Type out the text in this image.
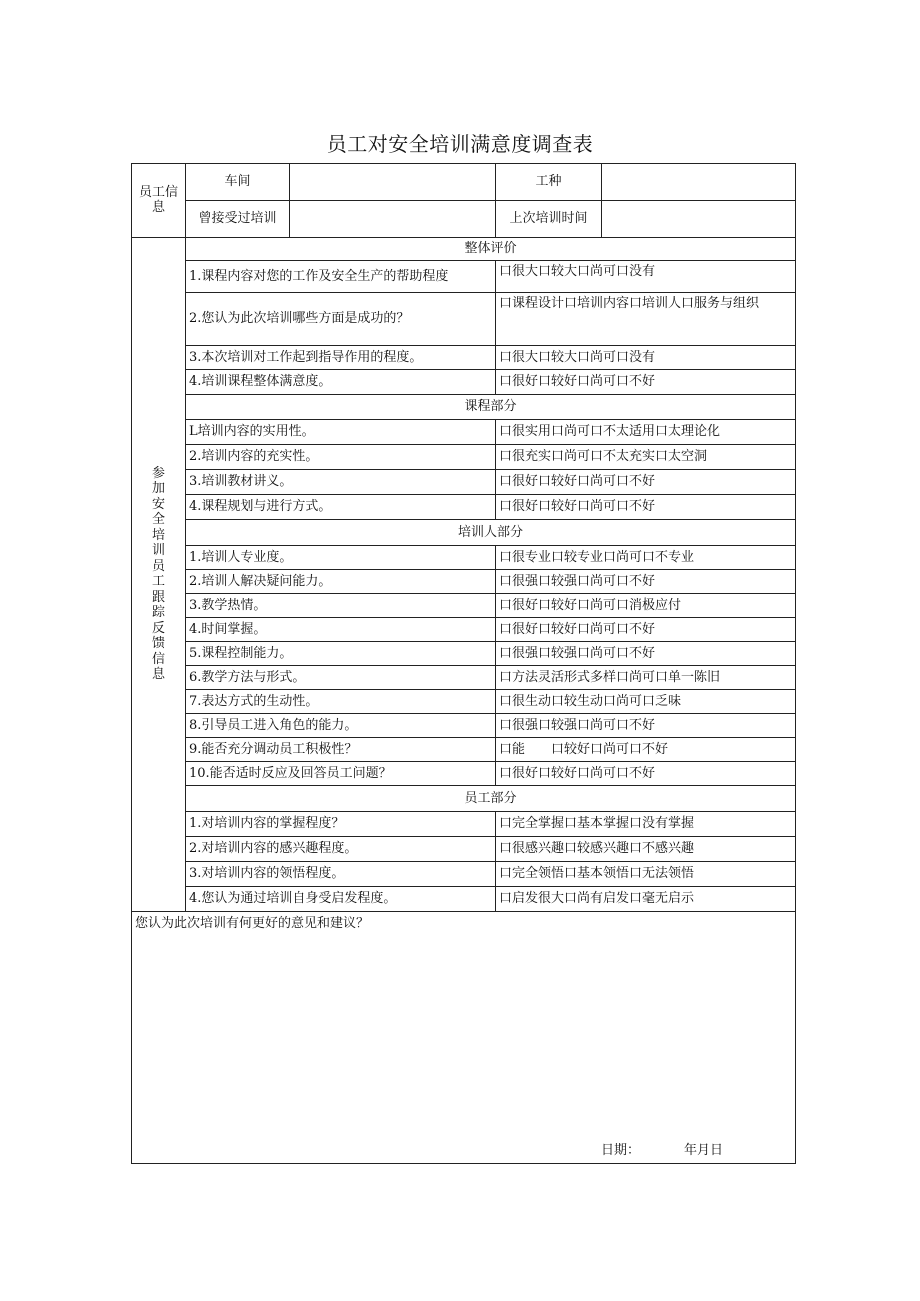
员工对安全培训满意度调查表
员工信息	车间		工种	
	曾接受过培训		上次培训时间	
参加安全培训员工跟踪反馈信息	整体评价			
	1.课程内容对您的工作及安全生产的帮助程度		口很大口较大口尚可口没有	
	2.您认为此次培训哪些方面是成功的？		口课程设计口培训内容口培训人口服务与组织	
	3.本次培训对工作起到指导作用的程度。		口很大口较大口尚可口没有	
	4.培训课程整体满意度。		口很好口较好口尚可口不好	
	课程部分			
	L培训内容的实用性。		口很实用口尚可口不太适用口太理论化	
	2.培训内容的充实性。		口很充实口尚可口不太充实口太空洞	
	3.培训教材讲义。		口很好口较好口尚可口不好	
	4.课程规划与进行方式。		口很好口较好口尚可口不好	
	培训人部分			
	1.培训人专业度。		口很专业口较专业口尚可口不专业	
	2.培训人解决疑问能力。		口很强口较强口尚可口不好	
	3.教学热情。		口很好口较好口尚可口消极应付	
	4.时间掌握。		口很好口较好口尚可口不好	
	5.课程控制能力。		口很强口较强口尚可口不好	
	6.教学方法与形式。		口方法灵活形式多样口尚可口单一陈旧	
	7.表达方式的生动性。		口很生动口较生动口尚可口乏味	
	8.引导员工进入角色的能力。		口很强口较强口尚可口不好	
	9.能否充分调动员工积极性？		口能　　口较好口尚可口不好	
	10.能否适时反应及回答员工问题？		口很好口较好口尚可口不好	
	员工部分			
	1.对培训内容的掌握程度？		口完全掌握口基本掌握口没有掌握	
	2.对培训内容的感兴趣程度。		口很感兴趣口较感兴趣口不感兴趣	
	3.对培训内容的领悟程度。		口完全领悟口基本领悟口无法领悟	
	4.您认为通过培训自身受启发程度。		口启发很大口尚有启发口毫无启示	

您认为此次培训有何更好的意见和建议？
日期： 年月日				
